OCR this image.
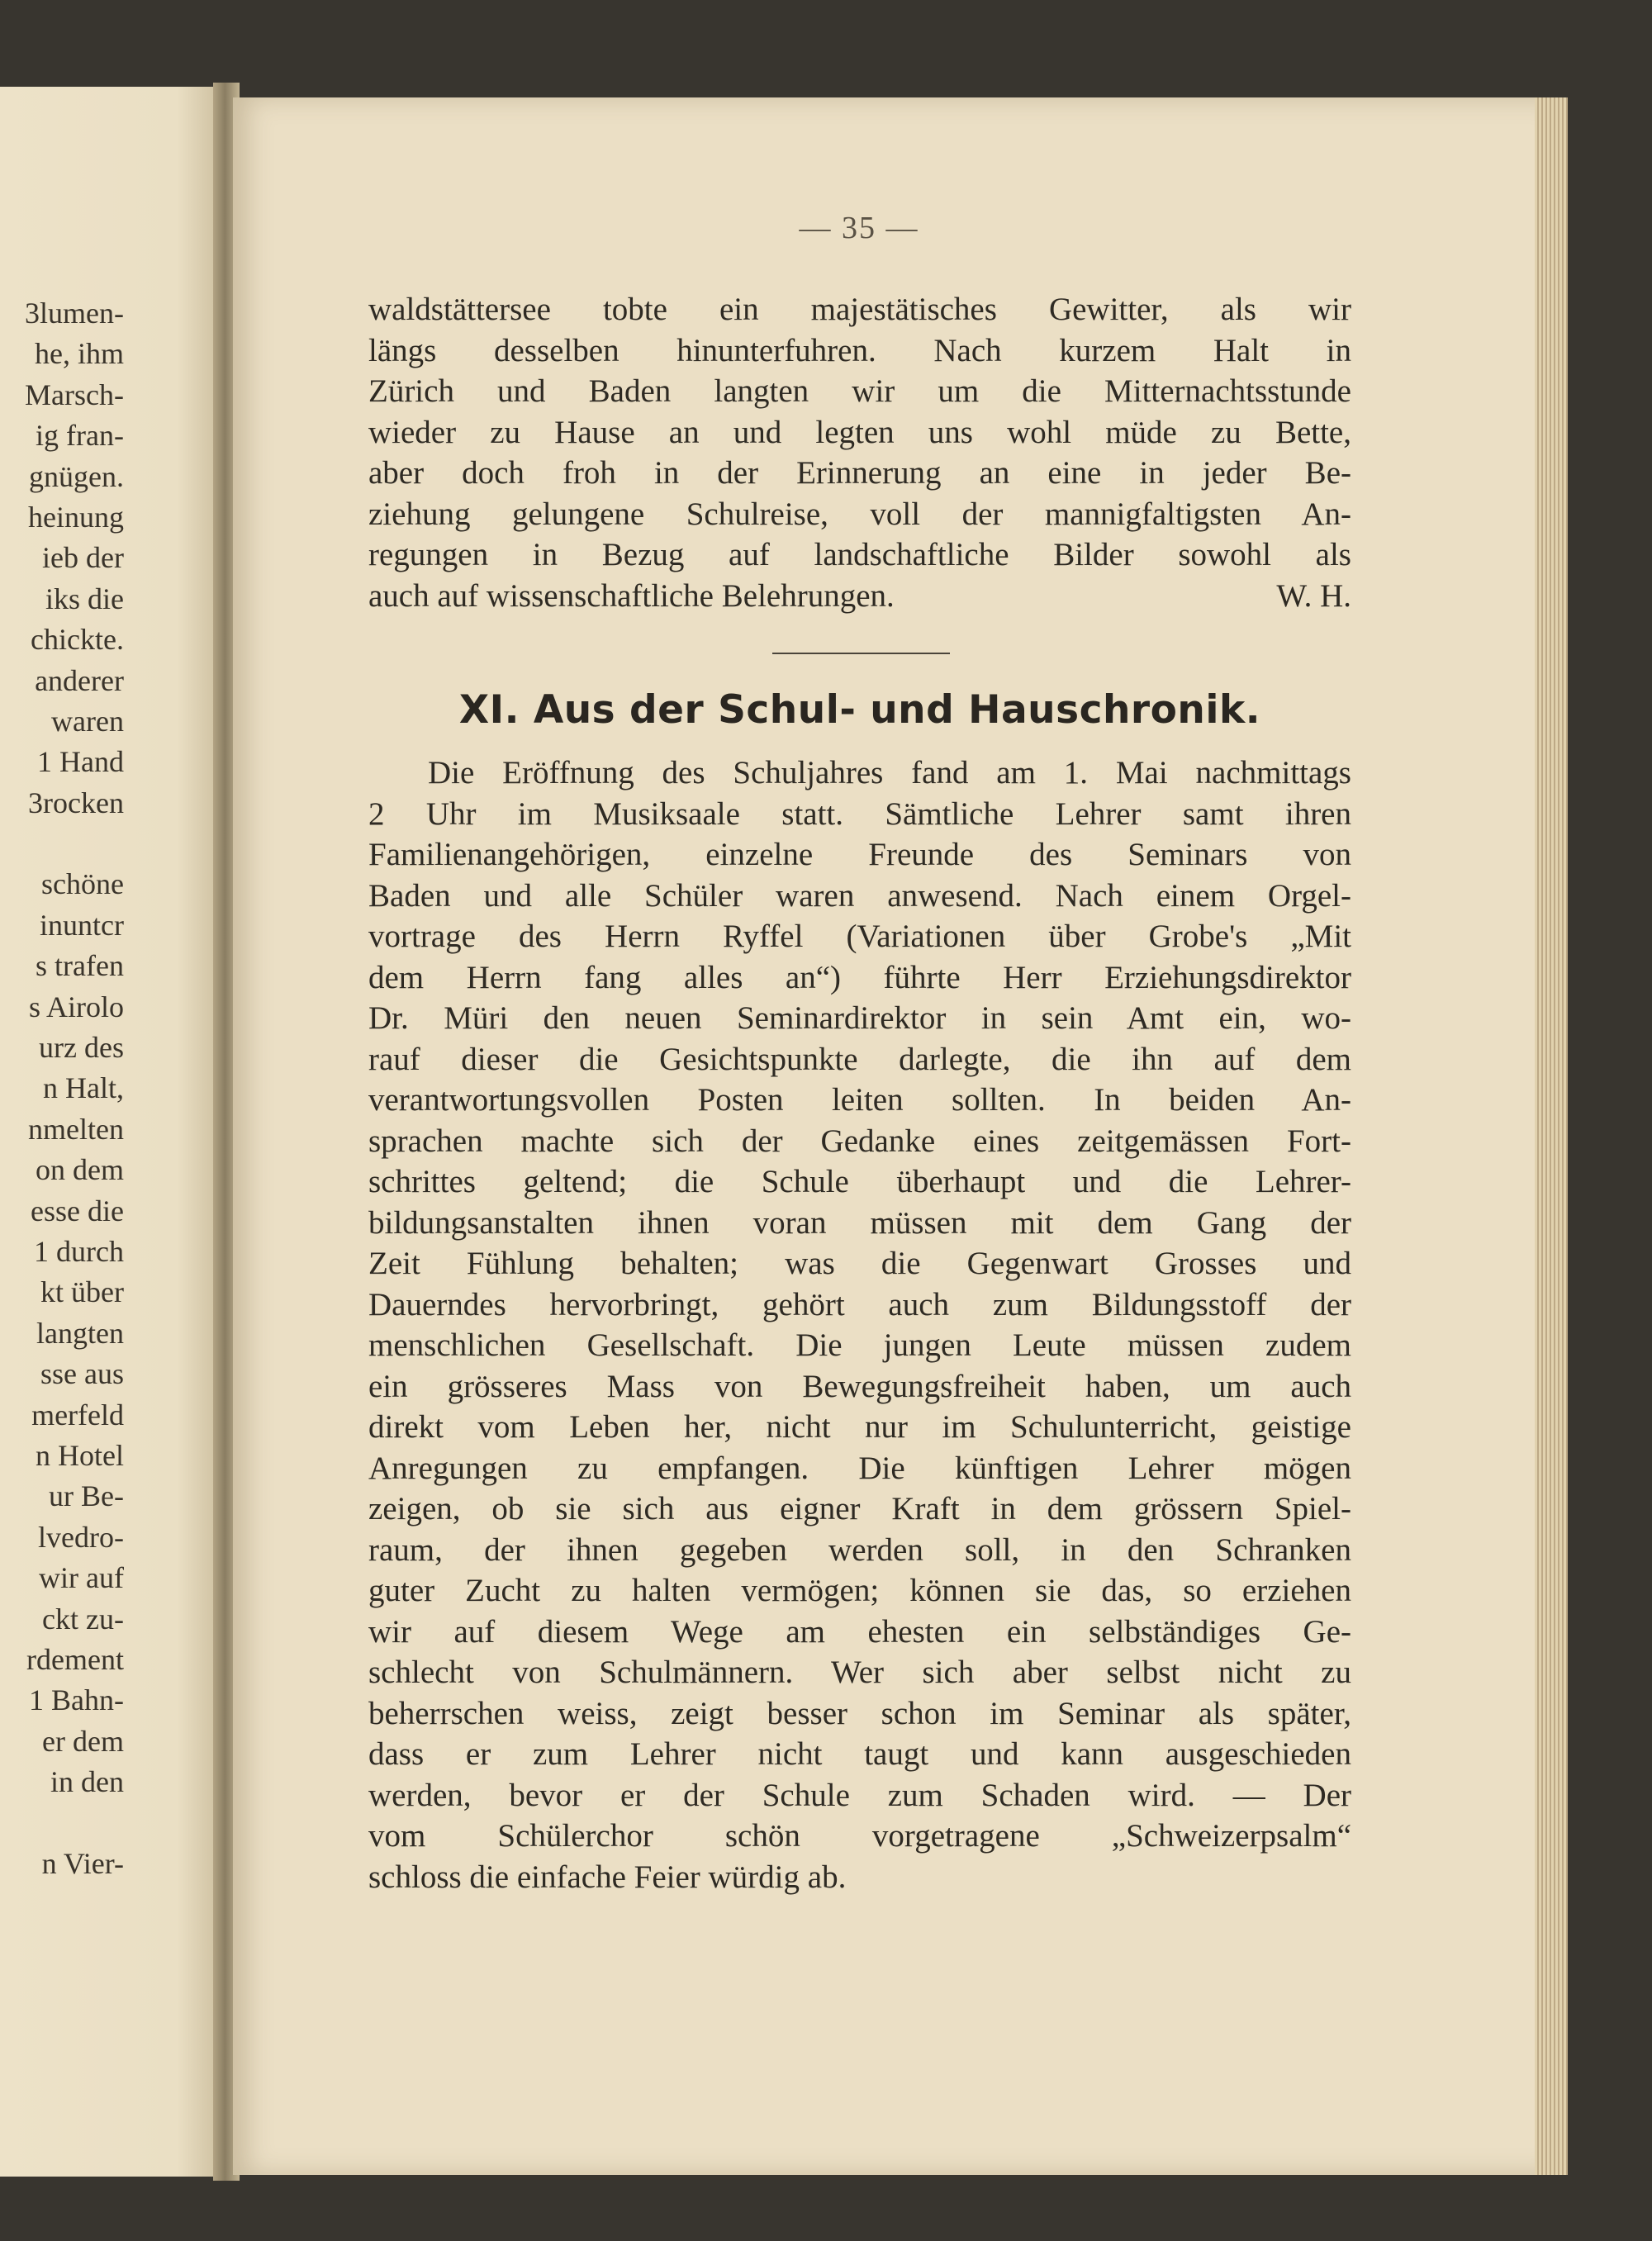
3lumen-
he, ihm
Marsch-
ig fran-
gnügen.
heinung
ieb der
iks die
chickte.
anderer
waren
1 Hand
3rocken
schöne
inuntcr
s trafen
s Airolo
urz des
n Halt,
nmelten
on dem
esse die
1 durch
kt über
langten
sse aus
merfeld
n Hotel
ur Be-
lvedro-
wir auf
ckt zu-
rdement
1 Bahn-
er dem
in den
n Vier-
— 35 —
waldstättersee tobte ein majestätisches Gewitter, als wir
längs desselben hinunterfuhren. Nach kurzem Halt in
Zürich und Baden langten wir um die Mitternachtsstunde
wieder zu Hause an und legten uns wohl müde zu Bette,
aber doch froh in der Erinnerung an eine in jeder Be-
ziehung gelungene Schulreise, voll der mannigfaltigsten An-
regungen in Bezug auf landschaftliche Bilder sowohl als
auch auf wissenschaftliche Belehrungen.	W. H.
XI. Aus der Schul- und Hauschronik.
Die Eröffnung des Schuljahres fand am 1. Mai nachmittags
2 Uhr im Musiksaale statt. Sämtliche Lehrer samt ihren
Familienangehörigen, einzelne Freunde des Seminars von
Baden und alle Schüler waren anwesend. Nach einem Orgel-
vortrage des Herrn Ryffel (Variationen über Grobe's „Mit
dem Herrn fang alles an“) führte Herr Erziehungsdirektor
Dr. Müri den neuen Seminardirektor in sein Amt ein, wo-
rauf dieser die Gesichtspunkte darlegte, die ihn auf dem
verantwortungsvollen Posten leiten sollten. In beiden An-
sprachen machte sich der Gedanke eines zeitgemässen Fort-
schrittes geltend; die Schule überhaupt und die Lehrer-
bildungsanstalten ihnen voran müssen mit dem Gang der
Zeit Fühlung behalten; was die Gegenwart Grosses und
Dauerndes hervorbringt, gehört auch zum Bildungsstoff der
menschlichen Gesellschaft. Die jungen Leute müssen zudem
ein grösseres Mass von Bewegungsfreiheit haben, um auch
direkt vom Leben her, nicht nur im Schulunterricht, geistige
Anregungen zu empfangen. Die künftigen Lehrer mögen
zeigen, ob sie sich aus eigner Kraft in dem grössern Spiel-
raum, der ihnen gegeben werden soll, in den Schranken
guter Zucht zu halten vermögen; können sie das, so erziehen
wir auf diesem Wege am ehesten ein selbständiges Ge-
schlecht von Schulmännern. Wer sich aber selbst nicht zu
beherrschen weiss, zeigt besser schon im Seminar als später,
dass er zum Lehrer nicht taugt und kann ausgeschieden
werden, bevor er der Schule zum Schaden wird. — Der
vom Schülerchor schön vorgetragene „Schweizerpsalm“
schloss die einfache Feier würdig ab.
